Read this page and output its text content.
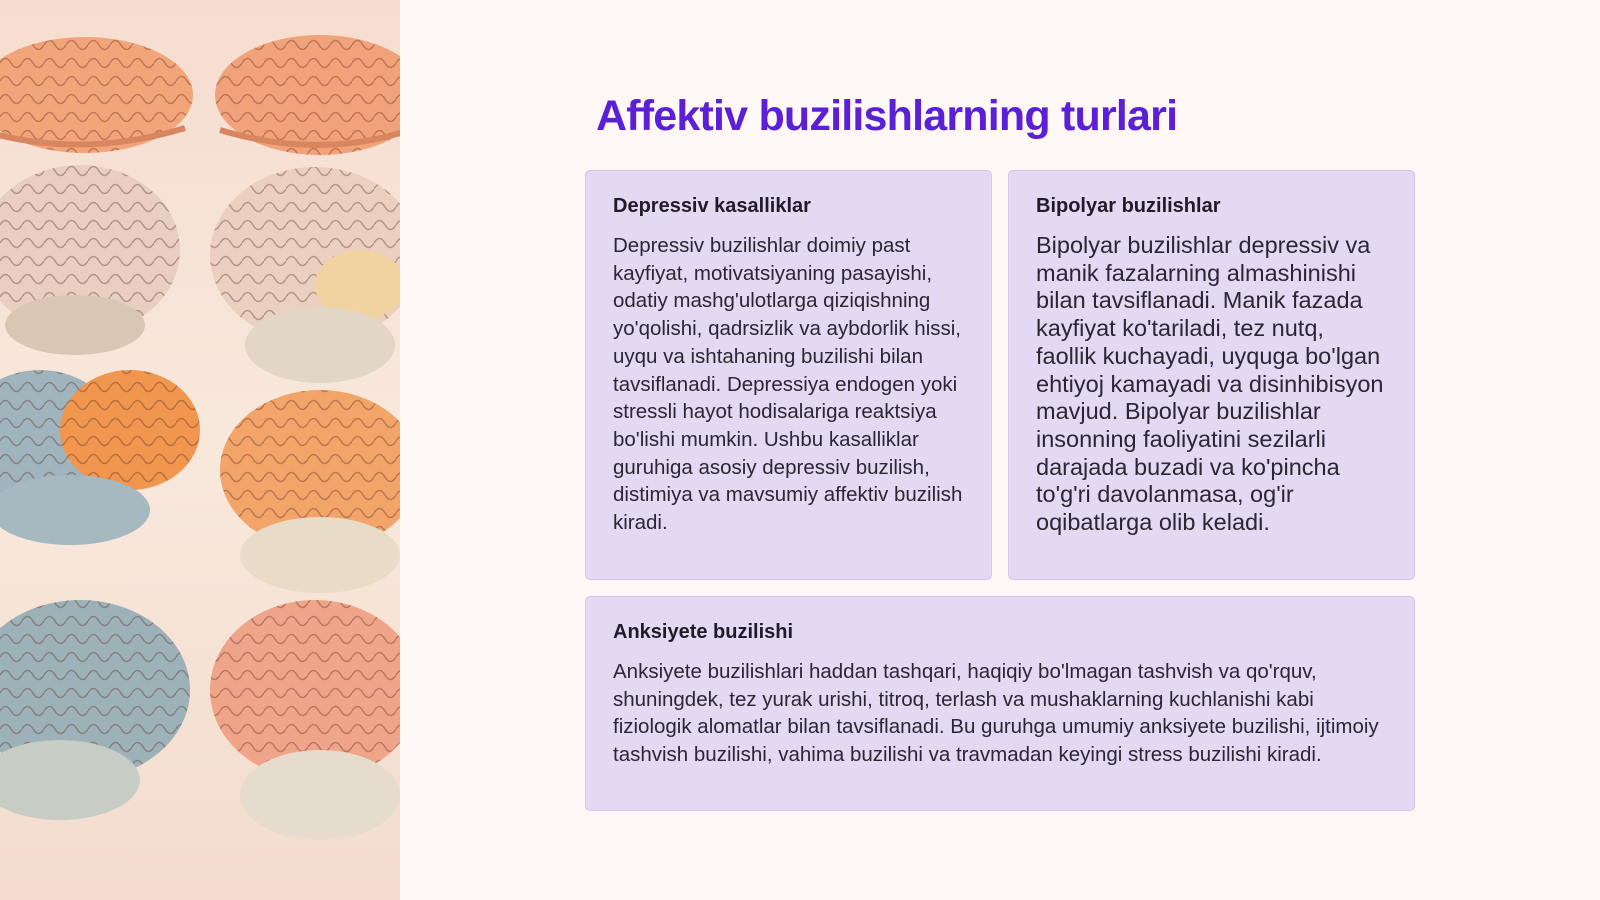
Affektiv buzilishlarning turlari
Depressiv kasalliklar

Depressiv buzilishlar doimiy past kayfiyat, motivatsiyaning pasayishi, odatiy mashg'ulotlarga qiziqishning yo'qolishi, qadrsizlik va aybdorlik hissi, uyqu va ishtahaning buzilishi bilan tavsiflanadi. Depressiya endogen yoki stressli hayot hodisalariga reaktsiya bo'lishi mumkin. Ushbu kasalliklar guruhiga asosiy depressiv buzilish, distimiya va mavsumiy affektiv buzilish kiradi.

Bipolyar buzilishlar

Bipolyar buzilishlar depressiv va manik fazalarning almashinishi bilan tavsiflanadi. Manik fazada kayfiyat ko'tariladi, tez nutq, faollik kuchayadi, uyquga bo'lgan ehtiyoj kamayadi va disinhibisyon mavjud. Bipolyar buzilishlar insonning faoliyatini sezilarli darajada buzadi va ko'pincha to'g'ri davolanmasa, og'ir oqibatlarga olib keladi.

Anksiyete buzilishi

Anksiyete buzilishlari haddan tashqari, haqiqiy bo'lmagan tashvish va qo'rquv, shuningdek, tez yurak urishi, titroq, terlash va mushaklarning kuchlanishi kabi fiziologik alomatlar bilan tavsiflanadi. Bu guruhga umumiy anksiyete buzilishi, ijtimoiy tashvish buzilishi, vahima buzilishi va travmadan keyingi stress buzilishi kiradi.
